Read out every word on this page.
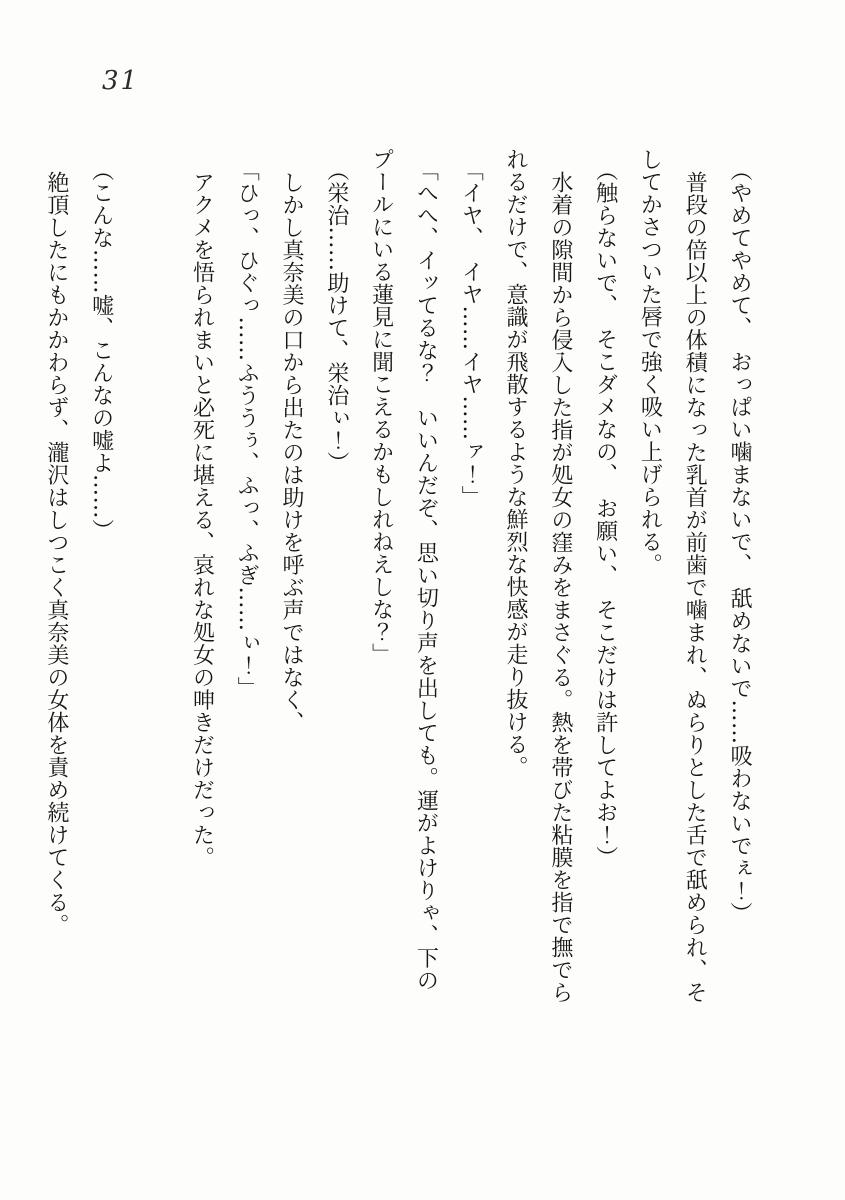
31

（やめてやめて、　おっぱい噛まないで、　舐めないで……吸わないでぇ！）

普段の倍以上の体積になった乳首が前歯で噛まれ、ぬらりとした舌で舐められ、そ

してかさついた唇で強く吸い上げられる。

（触らないで、　そこダメなの、　お願い、　そこだけは許してよお！）

水着の隙間から侵入した指が処女の窪みをまさぐる。熱を帯びた粘膜を指で撫でら

れるだけで、意識が飛散するような鮮烈な快感が走り抜ける。

「イヤ、　イヤ……イヤ……ァ！」

「へへ、イッてるな？　いいんだぞ、思い切り声を出しても。運がよけりゃ、下の

プールにいる蓮見に聞こえるかもしれねえしな？」

（栄治……助けて、栄治ぃ！）

しかし真奈美の口から出たのは助けを呼ぶ声ではなく、

「ひっ、ひぐっ……ふううぅ、ふっ、ふぎ……ぃ！」

アクメを悟られまいと必死に堪える、哀れな処女の呻きだけだった。

（こんな……嘘、こんなの嘘よ……）

絶頂したにもかかわらず、瀧沢はしつこく真奈美の女体を責め続けてくる。
